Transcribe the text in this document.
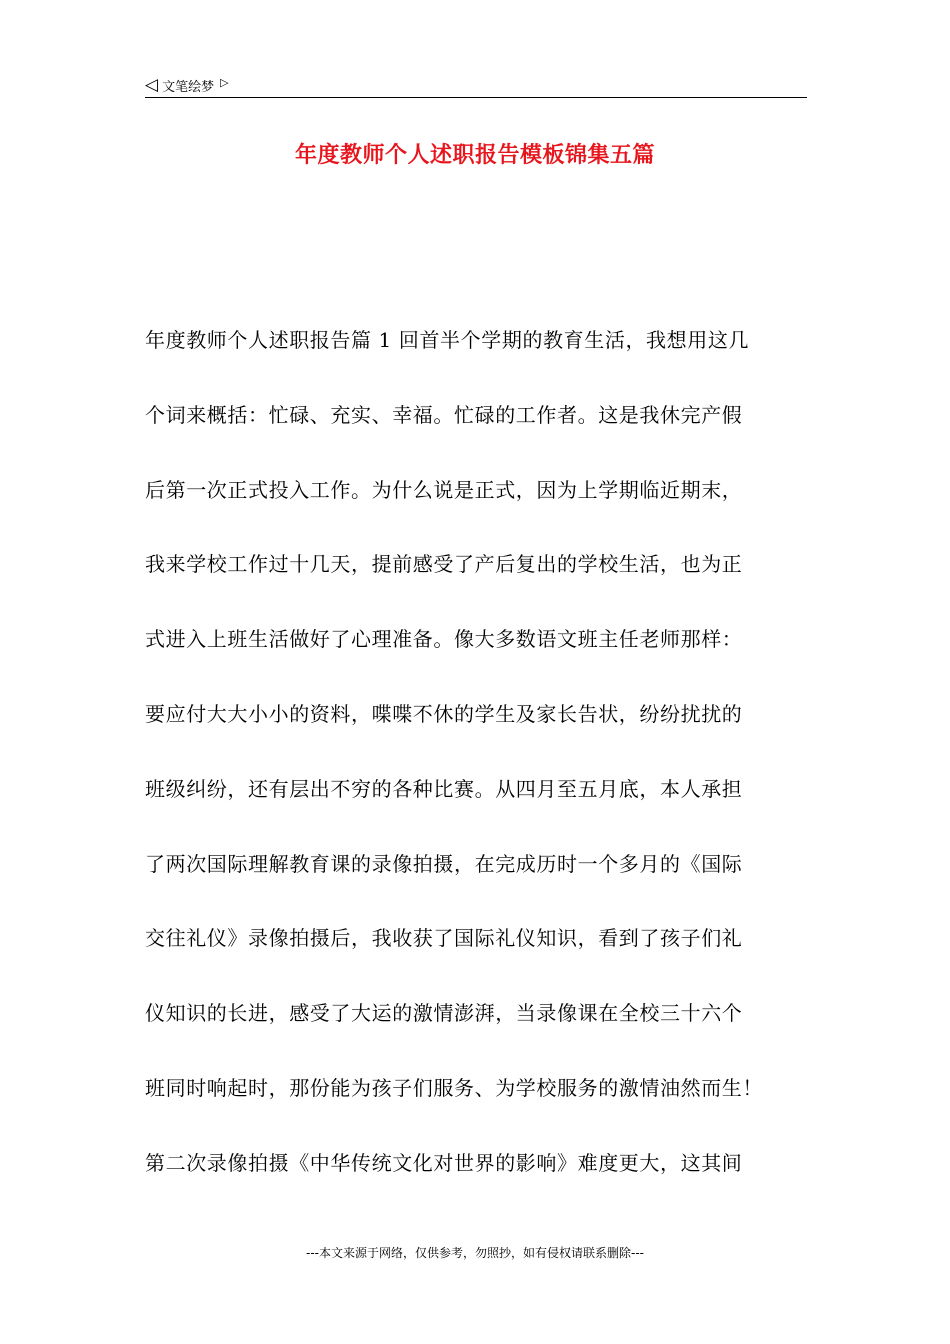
◁ 文笔绘梦 ▷
年度教师个人述职报告模板锦集五篇
年度教师个人述职报告篇 1 回首半个学期的教育生活，我想用这几
个词来概括：忙碌、充实、幸福。忙碌的工作者。这是我休完产假
后第一次正式投入工作。为什么说是正式，因为上学期临近期末，
我来学校工作过十几天，提前感受了产后复出的学校生活，也为正
式进入上班生活做好了心理准备。像大多数语文班主任老师那样：
要应付大大小小的资料，喋喋不休的学生及家长告状，纷纷扰扰的
班级纠纷，还有层出不穷的各种比赛。从四月至五月底，本人承担
了两次国际理解教育课的录像拍摄，在完成历时一个多月的《国际
交往礼仪》录像拍摄后，我收获了国际礼仪知识，看到了孩子们礼
仪知识的长进，感受了大运的激情澎湃，当录像课在全校三十六个
班同时响起时，那份能为孩子们服务、为学校服务的激情油然而生！
第二次录像拍摄《中华传统文化对世界的影响》难度更大，这其间
---本文来源于网络，仅供参考，勿照抄，如有侵权请联系删除---
